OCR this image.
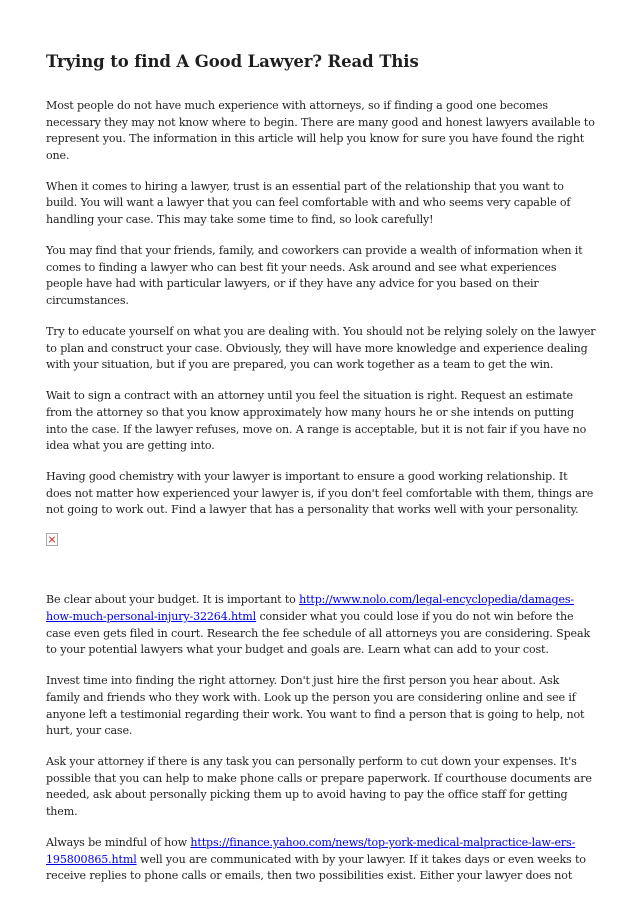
Trying to find A Good Lawyer? Read This

Most people do not have much experience with attorneys, so if finding a good one becomes necessary they may not know where to begin. There are many good and honest lawyers available to represent you. The information in this article will help you know for sure you have found the right one.

When it comes to hiring a lawyer, trust is an essential part of the relationship that you want to build. You will want a lawyer that you can feel comfortable with and who seems very capable of handling your case. This may take some time to find, so look carefully!

You may find that your friends, family, and coworkers can provide a wealth of information when it comes to finding a lawyer who can best fit your needs. Ask around and see what experiences people have had with particular lawyers, or if they have any advice for you based on their circumstances.

Try to educate yourself on what you are dealing with. You should not be relying solely on the lawyer to plan and construct your case. Obviously, they will have more knowledge and experience dealing with your situation, but if you are prepared, you can work together as a team to get the win.

Wait to sign a contract with an attorney until you feel the situation is right. Request an estimate from the attorney so that you know approximately how many hours he or she intends on putting into the case. If the lawyer refuses, move on. A range is acceptable, but it is not fair if you have no idea what you are getting into.

Having good chemistry with your lawyer is important to ensure a good working relationship. It does not matter how experienced your lawyer is, if you don't feel comfortable with them, things are not going to work out. Find a lawyer that has a personality that works well with your personality.

Be clear about your budget. It is important to http://www.nolo.com/legal-encyclopedia/damages-how-much-personal-injury-32264.html consider what you could lose if you do not win before the case even gets filed in court. Research the fee schedule of all attorneys you are considering. Speak to your potential lawyers what your budget and goals are. Learn what can add to your cost.

Invest time into finding the right attorney. Don't just hire the first person you hear about. Ask family and friends who they work with. Look up the person you are considering online and see if anyone left a testimonial regarding their work. You want to find a person that is going to help, not hurt, your case.

Ask your attorney if there is any task you can personally perform to cut down your expenses. It's possible that you can help to make phone calls or prepare paperwork. If courthouse documents are needed, ask about personally picking them up to avoid having to pay the office staff for getting them.

Always be mindful of how https://finance.yahoo.com/news/top-york-medical-malpractice-law-ers-195800865.html well you are communicated with by your lawyer. If it takes days or even weeks to receive replies to phone calls or emails, then two possibilities exist. Either your lawyer does not
